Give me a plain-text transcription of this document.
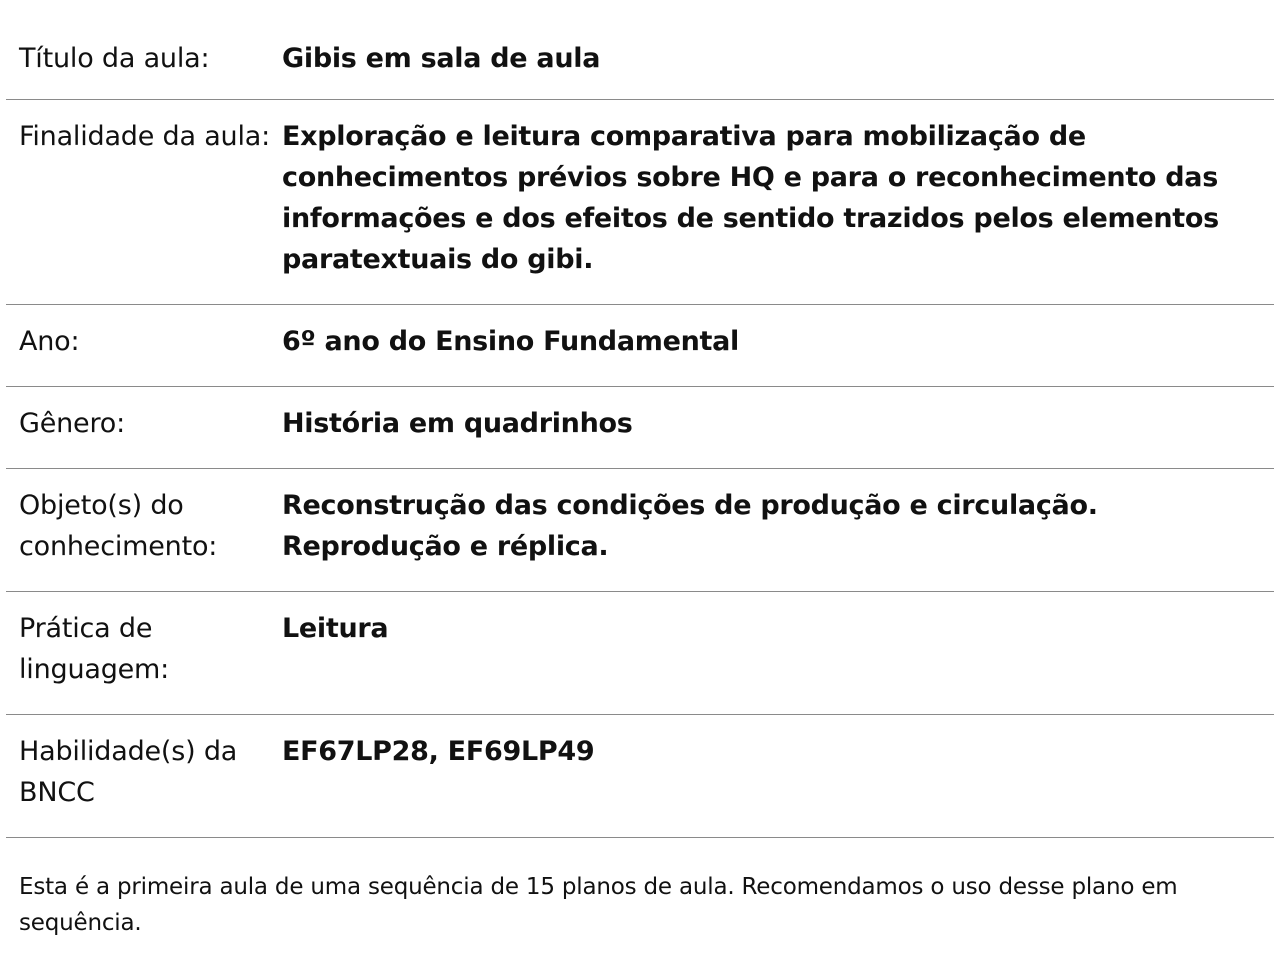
Título da aula:	Gibis em sala de aula
Finalidade da aula:	Exploração e leitura comparativa para mobilização de conhecimentos prévios sobre HQ e para o reconhecimento das informações e dos efeitos de sentido trazidos pelos elementos paratextuais do gibi.
Ano:	6º ano do Ensino Fundamental
Gênero:	História em quadrinhos
Objeto(s) do conhecimento:	Reconstrução das condições de produção e circulação. Reprodução e réplica.
Prática de linguagem:	Leitura
Habilidade(s) da BNCC	EF67LP28, EF69LP49

Esta é a primeira aula de uma sequência de 15 planos de aula. Recomendamos o uso desse plano em sequência.
